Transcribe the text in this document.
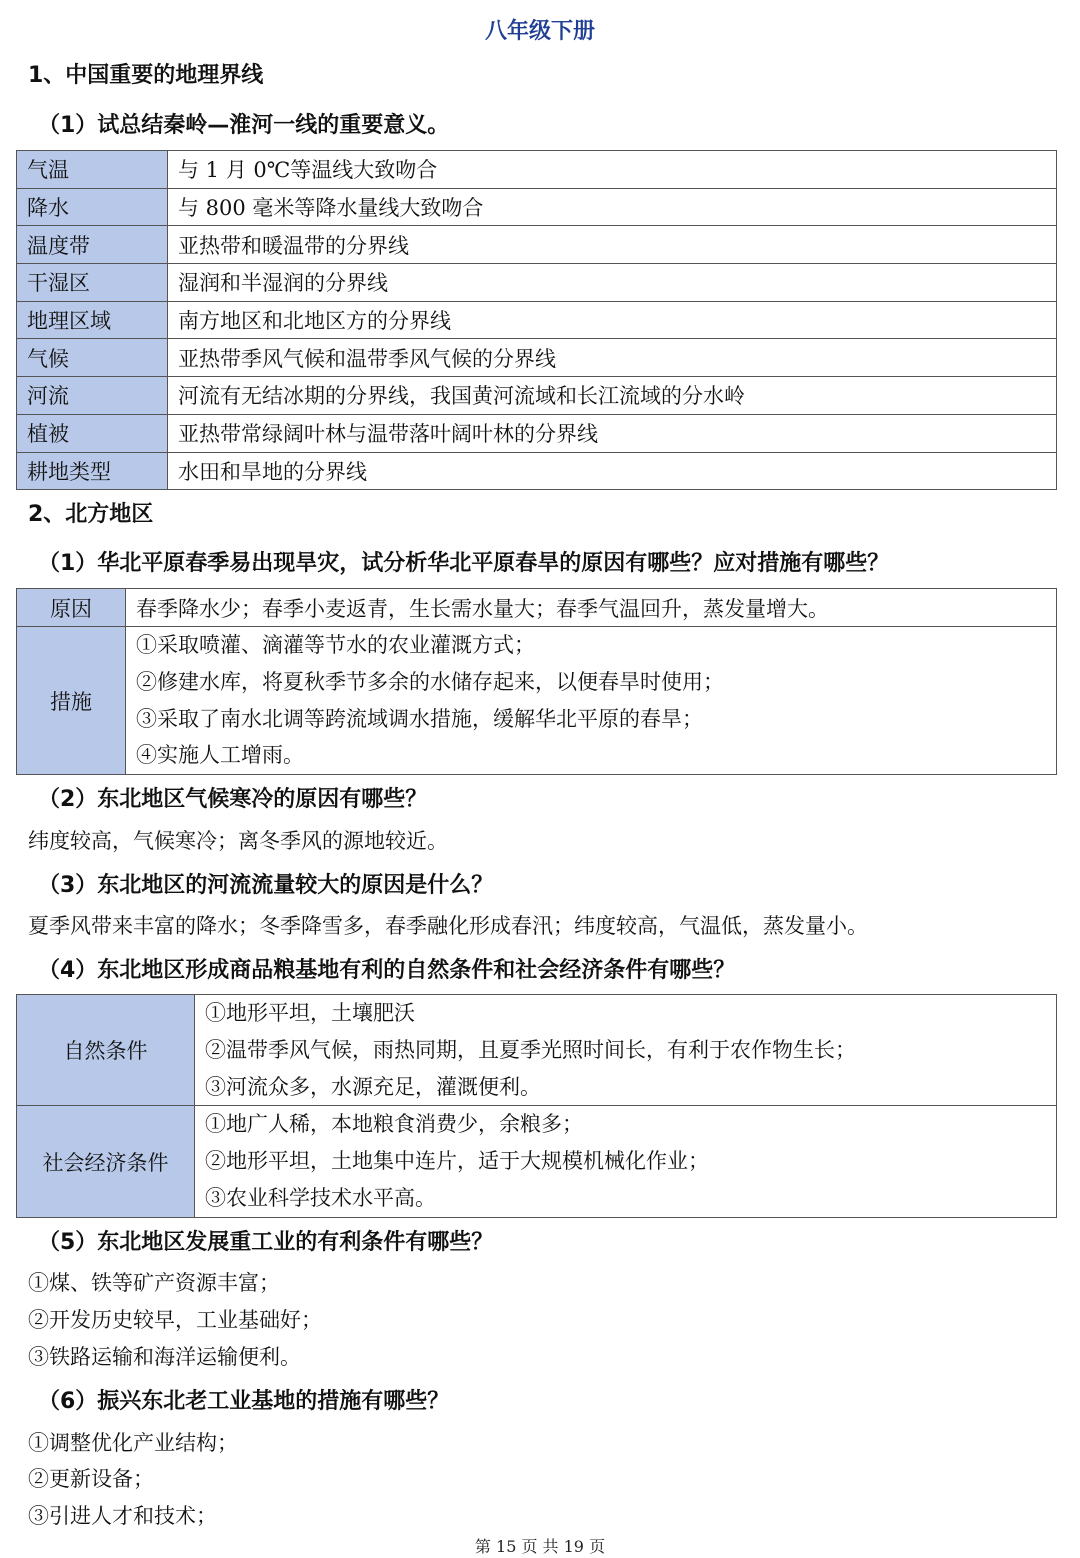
八年级下册
1、中国重要的地理界线
（1）试总结秦岭—淮河一线的重要意义。
气温	与 1 月 0℃等温线大致吻合
降水	与 800 毫米等降水量线大致吻合
温度带	亚热带和暖温带的分界线
干湿区	湿润和半湿润的分界线
地理区域	南方地区和北地区方的分界线
气候	亚热带季风气候和温带季风气候的分界线
河流	河流有无结冰期的分界线，我国黄河流域和长江流域的分水岭
植被	亚热带常绿阔叶林与温带落叶阔叶林的分界线
耕地类型	水田和旱地的分界线
2、北方地区
（1）华北平原春季易出现旱灾，试分析华北平原春旱的原因有哪些？应对措施有哪些？
原因	春季降水少；春季小麦返青，生长需水量大；春季气温回升，蒸发量增大。
措施	①采取喷灌、滴灌等节水的农业灌溉方式；
②修建水库，将夏秋季节多余的水储存起来，以便春旱时使用；
③采取了南水北调等跨流域调水措施，缓解华北平原的春旱；
④实施人工增雨。
（2）东北地区气候寒冷的原因有哪些？
纬度较高，气候寒冷；离冬季风的源地较近。
（3）东北地区的河流流量较大的原因是什么？
夏季风带来丰富的降水；冬季降雪多，春季融化形成春汛；纬度较高，气温低，蒸发量小。
（4）东北地区形成商品粮基地有利的自然条件和社会经济条件有哪些？
自然条件	①地形平坦，土壤肥沃
②温带季风气候，雨热同期，且夏季光照时间长，有利于农作物生长；
③河流众多，水源充足，灌溉便利。

社会经济条件	①地广人稀，本地粮食消费少，余粮多；
②地形平坦，土地集中连片，适于大规模机械化作业；
③农业科学技术水平高。
（5）东北地区发展重工业的有利条件有哪些？
①煤、铁等矿产资源丰富；
②开发历史较早，工业基础好；
③铁路运输和海洋运输便利。
（6）振兴东北老工业基地的措施有哪些？
①调整优化产业结构；
②更新设备；
③引进人才和技术；
第 15 页 共 19 页
